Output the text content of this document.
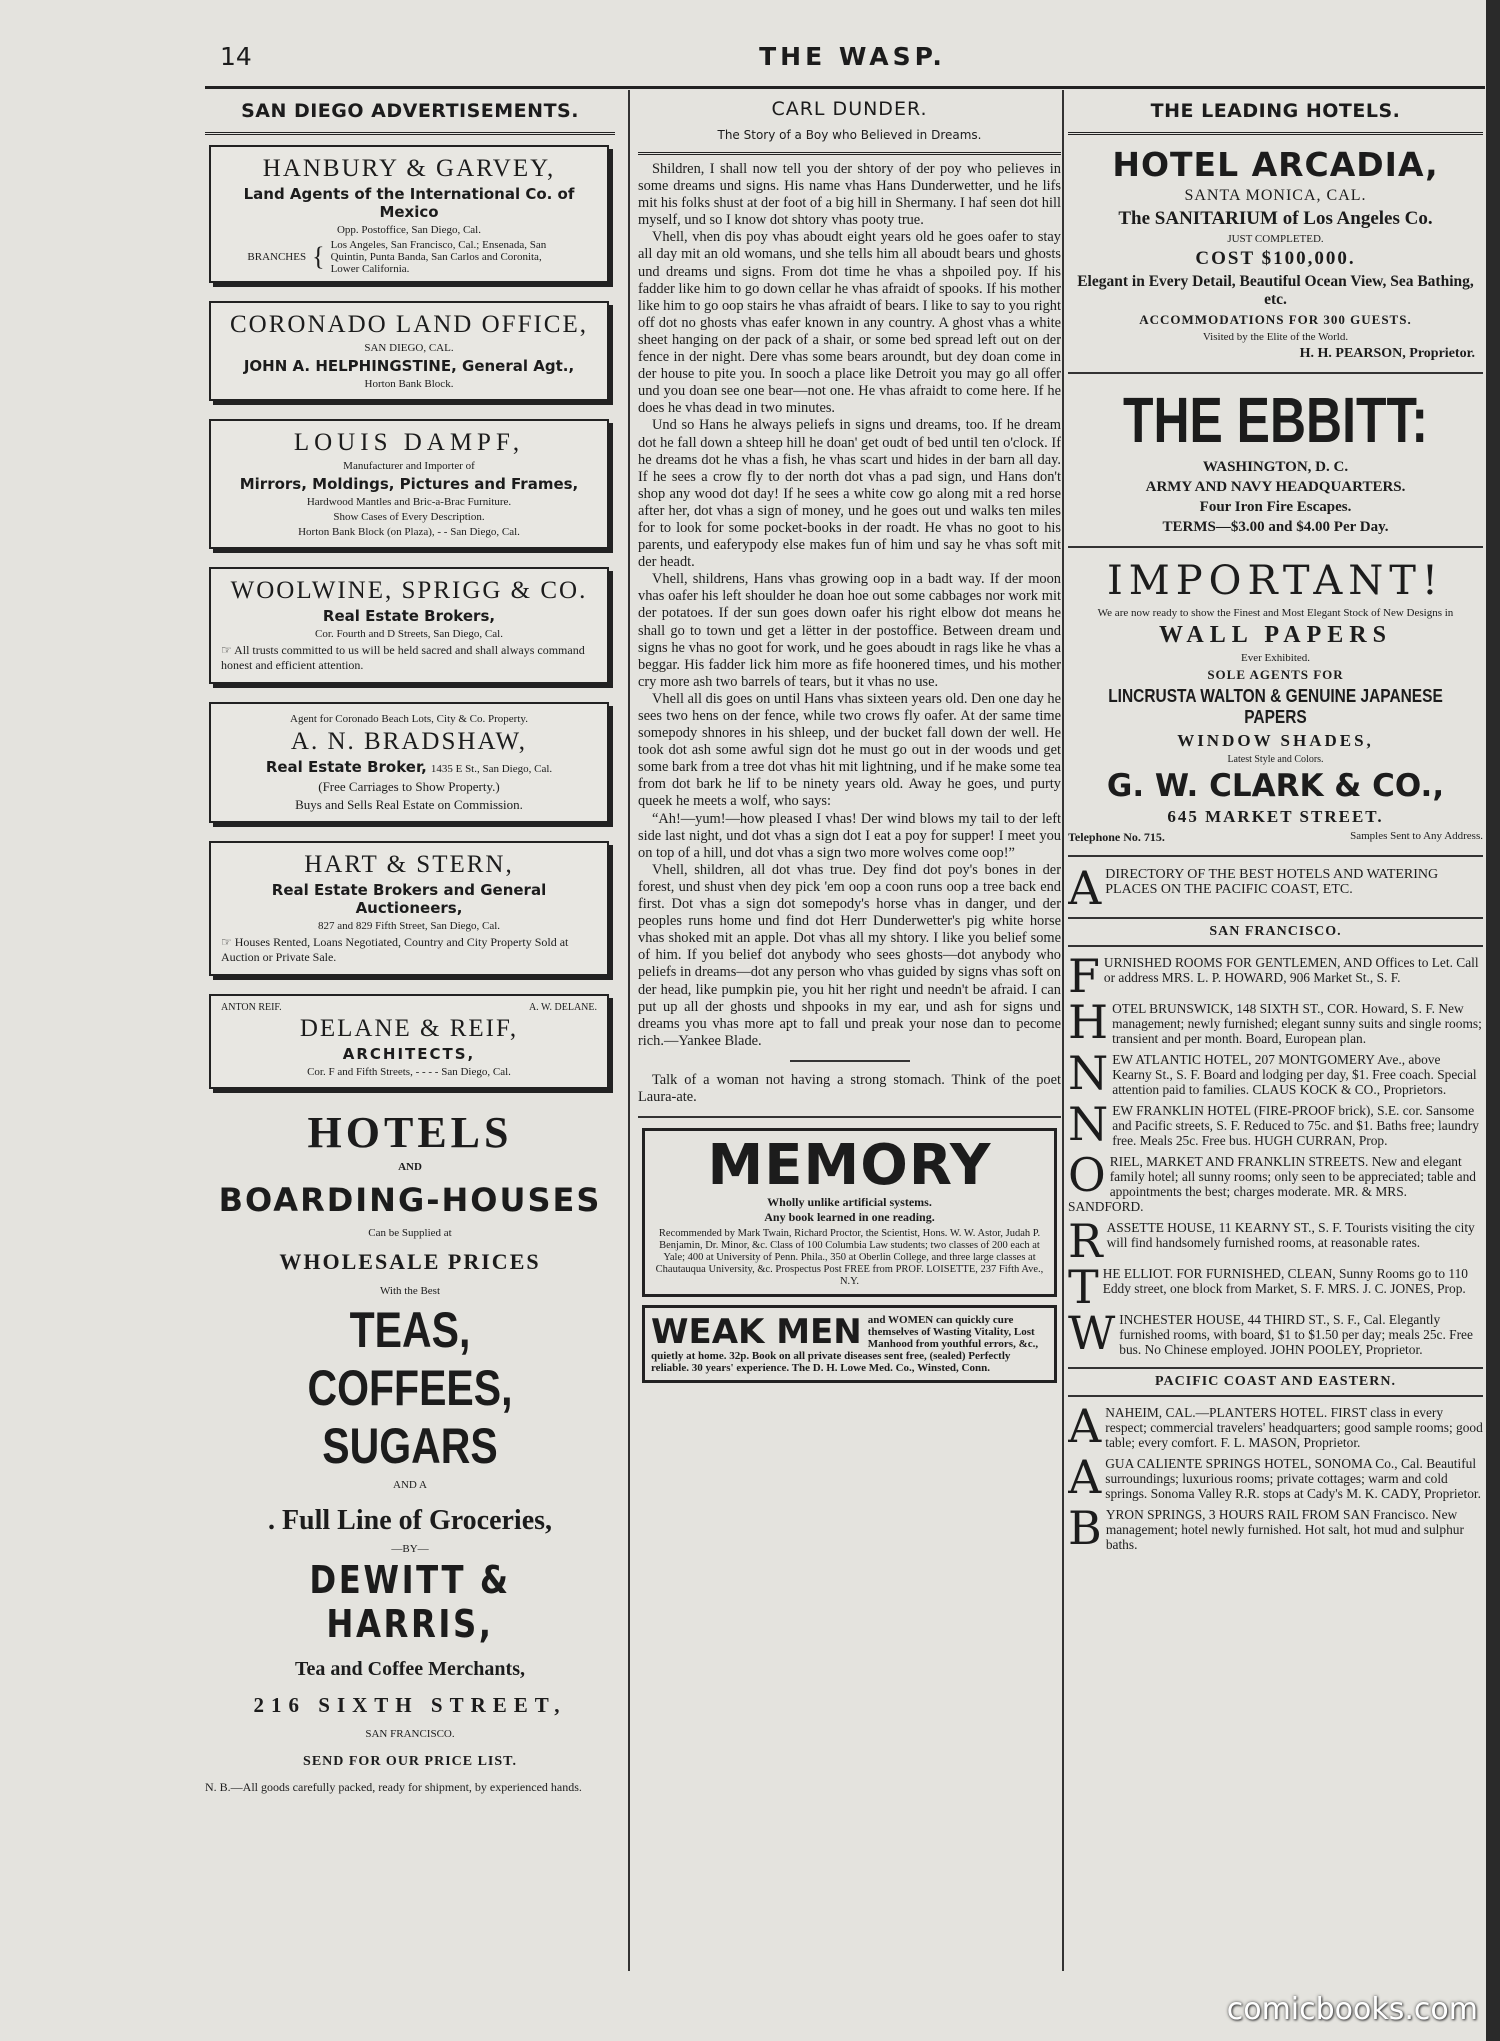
14	THE WASP.
SAN DIEGO ADVERTISEMENTS.
HANBURY & GARVEY,
Land Agents of the International Co. of Mexico
Opp. Postoffice, San Diego, Cal.
BRANCHES { Los Angeles, San Francisco, Cal.; Ensenada, San Quintin, Punta Banda, San Carlos and Coronita, Lower California.
CORONADO LAND OFFICE,
SAN DIEGO, CAL.
JOHN A. HELPHINGSTINE, General Agt.,
Horton Bank Block.
LOUIS DAMPF,
Manufacturer and Importer of
Mirrors, Moldings, Pictures and Frames,
Hardwood Mantles and Bric-a-Brac Furniture.
Show Cases of Every Description.
Horton Bank Block (on Plaza), - - San Diego, Cal.
WOOLWINE, SPRIGG & CO.
Real Estate Brokers,
Cor. Fourth and D Streets, San Diego, Cal.
☞ All trusts committed to us will be held sacred and shall always command honest and efficient attention.
Agent for Coronado Beach Lots, City & Co. Property.
A. N. BRADSHAW,
Real Estate Broker, 1435 E St., San Diego, Cal.
(Free Carriages to Show Property.)
Buys and Sells Real Estate on Commission.
HART & STERN,
Real Estate Brokers and General Auctioneers,
827 and 829 Fifth Street, San Diego, Cal.
☞ Houses Rented, Loans Negotiated, Country and City Property Sold at Auction or Private Sale.
ANTON REIF.	A. W. DELANE.
DELANE & REIF,
ARCHITECTS,
Cor. F and Fifth Streets, - - - - San Diego, Cal.
HOTELS
AND
BOARDING-HOUSES
Can be Supplied at
WHOLESALE PRICES
With the Best
TEAS, COFFEES, SUGARS
AND A
. Full Line of Groceries,
—BY—
DEWITT & HARRIS,
Tea and Coffee Merchants,
216 SIXTH STREET,
SAN FRANCISCO.
SEND FOR OUR PRICE LIST.
N. B.—All goods carefully packed, ready for shipment, by experienced hands.
CARL DUNDER.
The Story of a Boy who Believed in Dreams.

Shildren, I shall now tell you der shtory of der poy who pelieves in some dreams und signs. His name vhas Hans Dunderwetter, und he lifs mit his folks shust at der foot of a big hill in Shermany. I haf seen dot hill myself, und so I know dot shtory vhas pooty true.

Vhell, vhen dis poy vhas aboudt eight years old he goes oafer to stay all day mit an old womans, und she tells him all aboudt bears und ghosts und dreams und signs. From dot time he vhas a shpoiled poy. If his fadder like him to go down cellar he vhas afraidt of spooks. If his mother like him to go oop stairs he vhas afraidt of bears. I like to say to you right off dot no ghosts vhas eafer known in any country. A ghost vhas a white sheet hanging on der pack of a shair, or some bed spread left out on der fence in der night. Dere vhas some bears aroundt, but dey doan come in der house to pite you. In sooch a place like Detroit you may go all offer und you doan see one bear—not one. He vhas afraidt to come here. If he does he vhas dead in two minutes.

Und so Hans he always peliefs in signs und dreams, too. If he dream dot he fall down a shteep hill he doan' get oudt of bed until ten o'clock. If he dreams dot he vhas a fish, he vhas scart und hides in der barn all day. If he sees a crow fly to der north dot vhas a pad sign, und Hans don't shop any wood dot day! If he sees a white cow go along mit a red horse after her, dot vhas a sign of money, und he goes out und walks ten miles for to look for some pocket-books in der roadt. He vhas no goot to his parents, und eaferypody else makes fun of him und say he vhas soft mit der headt.

Vhell, shildrens, Hans vhas growing oop in a badt way. If der moon vhas oafer his left shoulder he doan hoe out some cabbages nor work mit der potatoes. If der sun goes down oafer his right elbow dot means he shall go to town und get a lëtter in der postoffice. Between dream und signs he vhas no goot for work, und he goes aboudt in rags like he vhas a beggar. His fadder lick him more as fife hoonered times, und his mother cry more ash two barrels of tears, but it vhas no use.

Vhell all dis goes on until Hans vhas sixteen years old. Den one day he sees two hens on der fence, while two crows fly oafer. At der same time somepody shnores in his shleep, und der bucket fall down der well. He took dot ash some awful sign dot he must go out in der woods und get some bark from a tree dot vhas hit mit lightning, und if he make some tea from dot bark he lif to be ninety years old. Away he goes, und purty queek he meets a wolf, who says:

“Ah!—yum!—how pleased I vhas! Der wind blows my tail to der left side last night, und dot vhas a sign dot I eat a poy for supper! I meet you on top of a hill, und dot vhas a sign two more wolves come oop!”

Vhell, shildren, all dot vhas true. Dey find dot poy's bones in der forest, und shust vhen dey pick 'em oop a coon runs oop a tree back end first. Dot vhas a sign dot somepody's horse vhas in danger, und der peoples runs home und find dot Herr Dunderwetter's pig white horse vhas shoked mit an apple. Dot vhas all my shtory. I like you belief some of him. If you belief dot anybody who sees ghosts—dot anybody who peliefs in dreams—dot any person who vhas guided by signs vhas soft on der head, like pumpkin pie, you hit her right und needn't be afraid. I can put up all der ghosts und shpooks in my ear, und ash for signs und dreams you vhas more apt to fall und preak your nose dan to pecome rich.—Yankee Blade.

Talk of a woman not having a strong stomach. Think of the poet Laura-ate.

MEMORY
Wholly unlike artificial systems.
Any book learned in one reading.
Recommended by Mark Twain, Richard Proctor, the Scientist, Hons. W. W. Astor, Judah P. Benjamin, Dr. Minor, &c. Class of 100 Columbia Law students; two classes of 200 each at Yale; 400 at University of Penn. Phila., 350 at Oberlin College, and three large classes at Chautauqua University, &c. Prospectus Post FREE from PROF. LOISETTE, 237 Fifth Ave., N.Y.
WEAK MEN and WOMEN can quickly cure themselves of Wasting Vitality, Lost Manhood from youthful errors, &c., quietly at home. 32p. Book on all private diseases sent free, (sealed) Perfectly reliable. 30 years' experience. The D. H. Lowe Med. Co., Winsted, Conn.
THE LEADING HOTELS.
HOTEL ARCADIA,
SANTA MONICA, CAL.
The SANITARIUM of Los Angeles Co.
JUST COMPLETED.
COST $100,000.
Elegant in Every Detail, Beautiful Ocean View, Sea Bathing, etc.
ACCOMMODATIONS FOR 300 GUESTS.
Visited by the Elite of the World.
H. H. PEARSON, Proprietor.
THE EBBITT:
WASHINGTON, D. C.
ARMY AND NAVY HEADQUARTERS.
Four Iron Fire Escapes.
TERMS—$3.00 and $4.00 Per Day.
IMPORTANT!
We are now ready to show the Finest and Most Elegant Stock of New Designs in
WALL PAPERS
Ever Exhibited.
SOLE AGENTS FOR
LINCRUSTA WALTON & GENUINE JAPANESE PAPERS
WINDOW SHADES,
Latest Style and Colors.
G. W. CLARK & CO.,
645 MARKET STREET.
Telephone No. 715.	Samples Sent to Any Address.
A DIRECTORY OF THE BEST HOTELS AND WATERING PLACES ON THE PACIFIC COAST, ETC.
SAN FRANCISCO.
FURNISHED ROOMS FOR GENTLEMEN, AND Offices to Let. Call or address MRS. L. P. HOWARD, 906 Market St., S. F.
HOTEL BRUNSWICK, 148 SIXTH ST., COR. Howard, S. F. New management; newly furnished; elegant sunny suits and single rooms; transient and per month. Board, European plan.
NEW ATLANTIC HOTEL, 207 MONTGOMERY Ave., above Kearny St., S. F. Board and lodging per day, $1. Free coach. Special attention paid to families. CLAUS KOCK & CO., Proprietors.
NEW FRANKLIN HOTEL (FIRE-PROOF brick), S.E. cor. Sansome and Pacific streets, S. F. Reduced to 75c. and $1. Baths free; laundry free. Meals 25c. Free bus. HUGH CURRAN, Prop.
ORIEL, MARKET AND FRANKLIN STREETS. New and elegant family hotel; all sunny rooms; only seen to be appreciated; table and appointments the best; charges moderate. MR. & MRS. SANDFORD.
RASSETTE HOUSE, 11 KEARNY ST., S. F. Tourists visiting the city will find handsomely furnished rooms, at reasonable rates.
THE ELLIOT. FOR FURNISHED, CLEAN, Sunny Rooms go to 110 Eddy street, one block from Market, S. F. MRS. J. C. JONES, Prop.
WINCHESTER HOUSE, 44 THIRD ST., S. F., Cal. Elegantly furnished rooms, with board, $1 to $1.50 per day; meals 25c. Free bus. No Chinese employed. JOHN POOLEY, Proprietor.
PACIFIC COAST AND EASTERN.
ANAHEIM, CAL.—PLANTERS HOTEL. FIRST class in every respect; commercial travelers' headquarters; good sample rooms; good table; every comfort. F. L. MASON, Proprietor.
AGUA CALIENTE SPRINGS HOTEL, SONOMA Co., Cal. Beautiful surroundings; luxurious rooms; private cottages; warm and cold springs. Sonoma Valley R.R. stops at Cady's M. K. CADY, Proprietor.
BYRON SPRINGS, 3 HOURS RAIL FROM SAN Francisco. New management; hotel newly furnished. Hot salt, hot mud and sulphur baths.
comicbooks.com
